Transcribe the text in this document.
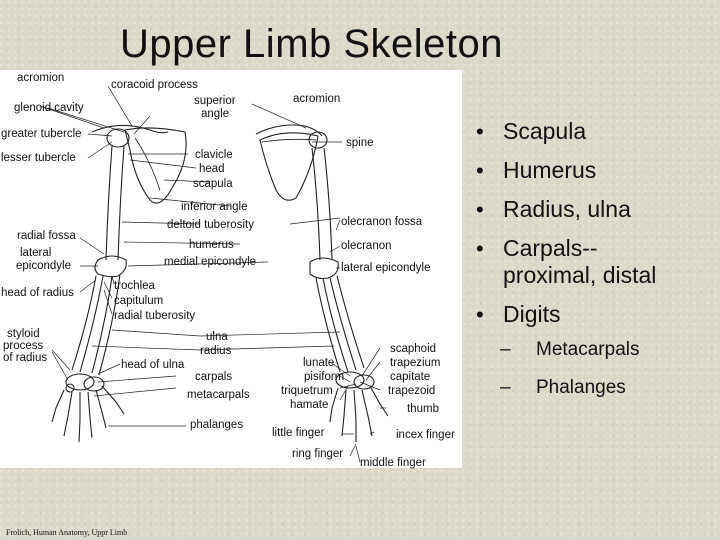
Upper Limb Skeleton
acromion
coracoid process
glenoid cavity
superior
angle
acromion
greater tubercle
lesser tubercle	clavicle
head
scapula
spine
inferior angle
deltoid tuberosity
radial fossa
olecranon fossa
humerus	olecranon
lateral
epicondyle	medial epicondyle	lateral epicondyle
head of radius
trochlea
capitulum
radial tuberosity
styloid
process
of radius
ulna
radius
head of ulna
scaphoid
lunate	trapezium
carpals	pisiform	capitate
triquetrum	trapezoid
metacarpals
hamate	thumb
phalanges
little finger	incex finger
ring finger
middle finger
• Scapula
• Humerus
• Radius, ulna
• Carpals--
proximal, distal
• Digits
– Metacarpals
– Phalanges
Frolich, Human Anatomy, Uppr Limb
